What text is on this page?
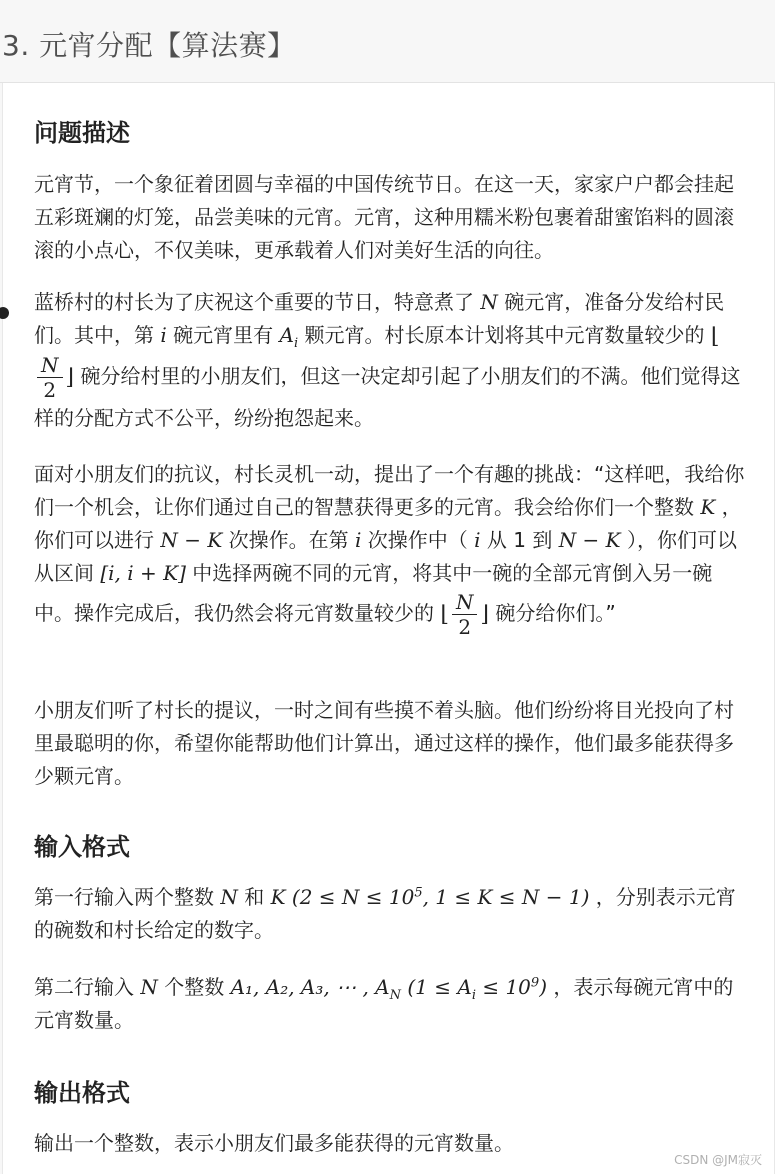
3. 元宵分配【算法赛】
问题描述
元宵节，一个象征着团圆与幸福的中国传统节日。在这一天，家家户户都会挂起五彩斑斓的灯笼，品尝美味的元宵。元宵，这种用糯米粉包裹着甜蜜馅料的圆滚滚的小点心，不仅美味，更承载着人们对美好生活的向往。
蓝桥村的村长为了庆祝这个重要的节日，特意煮了 N 碗元宵，准备分发给村民们。其中，第 i 碗元宵里有 $A_i$ 颗元宵。村长原本计划将其中元宵数量较少的 ⌊
$\frac{N}{2}$ ⌋ 碗分给村里的小朋友们，但这一决定却引起了小朋友们的不满。他们觉得这样的分配方式不公平，纷纷抱怨起来。
面对小朋友们的抗议，村长灵机一动，提出了一个有趣的挑战：“这样吧，我给你们一个机会，让你们通过自己的智慧获得更多的元宵。我会给你们一个整数 K ，你们可以进行 N − K 次操作。在第 i 次操作中（ i 从 1 到 N − K ），你们可以从区间 [i, i + K] 中选择两碗不同的元宵，将其中一碗的全部元宵倒入另一碗中。操作完成后，我仍然会将元宵数量较少的 ⌊ $\frac{N}{2}$ ⌋ 碗分给你们。”
小朋友们听了村长的提议，一时之间有些摸不着头脑。他们纷纷将目光投向了村里最聪明的你，希望你能帮助他们计算出，通过这样的操作，他们最多能获得多少颗元宵。
输入格式
第一行输入两个整数 N 和 K ($2 \le N \le 10^5$, 1 ≤ K ≤ N − 1) ，分别表示元宵的碗数和村长给定的数字。
第二行输入 N 个整数 A₁, A₂, A₃, ⋯ , $A_N$ $(1 \le A_i \le 10^9)$ ，表示每碗元宵中的元宵数量。
输出格式
输出一个整数，表示小朋友们最多能获得的元宵数量。
CSDN @JM寂灭
